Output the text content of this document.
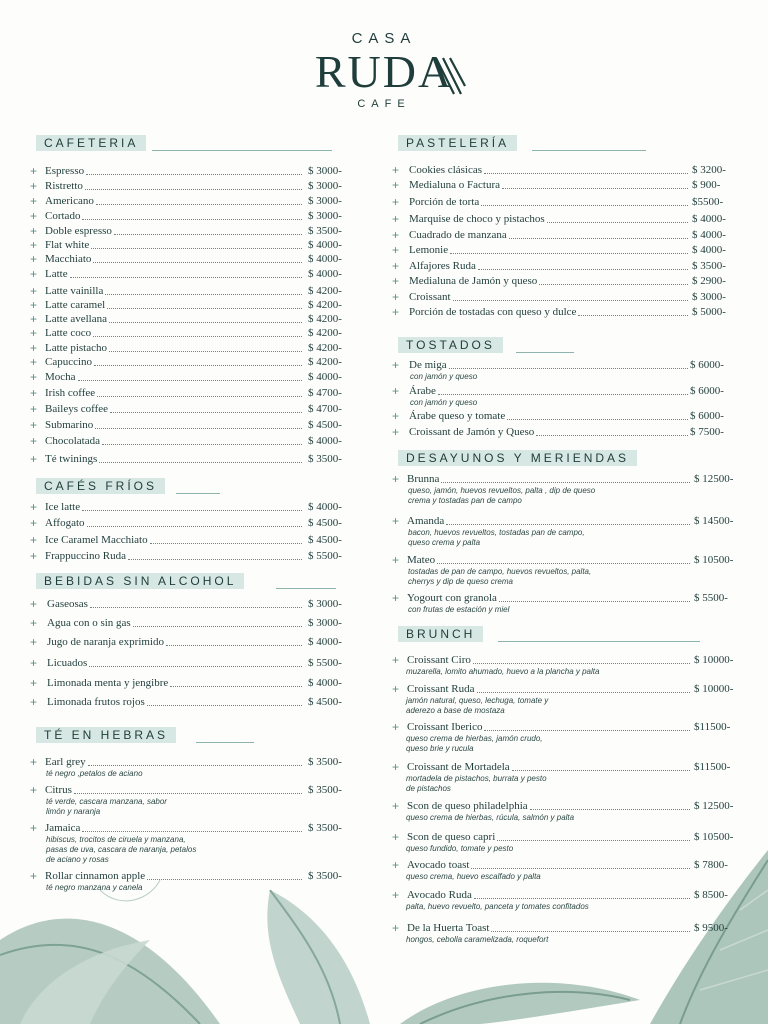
CASA
RUDA
CAFE
CAFETERIA
+ Espresso	$ 3000-
+ Ristretto	$ 3000-
+ Americano	$ 3000-
+ Cortado	$ 3000-
+ Doble espresso	$ 3500-
+ Flat white	$ 4000-
+ Macchiato	$ 4000-
+ Latte	$ 4000-
+ Latte vainilla	$ 4200-
+ Latte caramel	$ 4200-
+ Latte avellana	$ 4200-
+ Latte coco	$ 4200-
+ Latte pistacho	$ 4200-
+ Capuccino	$ 4200-
+ Mocha	$ 4000-
+ Irish coffee	$ 4700-
+ Baileys coffee	$ 4700-
+ Submarino	$ 4500-
+ Chocolatada	$ 4000-
+ Té twinings	$ 3500-
CAFÉS FRÍOS
+ Ice latte	$ 4000-
+ Affogato	$ 4500-
+ Ice Caramel Macchiato	$ 4500-
+ Frappuccino Ruda	$ 5500-
BEBIDAS SIN ALCOHOL
+ Gaseosas	$ 3000-
+ Agua con o sin gas	$ 3000-
+ Jugo de naranja exprimido	$ 4000-
+ Licuados	$ 5500-
+ Limonada menta y jengibre	$ 4000-
+ Limonada frutos rojos	$ 4500-
TÉ EN HEBRAS
+ Earl grey	$ 3500-
té negro ,petalos de aciano
+ Citrus	$ 3500-
té verde, cascara manzana, sabor
limón y naranja
+ Jamaica	$ 3500-
hibiscus, trocitos de ciruela y manzana,
pasas de uva, cascara de naranja, petalos
de aciano y rosas
+ Rollar cinnamon apple	$ 3500-
té negro manzana y canela
PASTELERÍA
+ Cookies clásicas	$ 3200-
+ Medialuna o Factura	$ 900-
+ Porción de torta	$5500-
+ Marquise de choco y pistachos	$ 4000-
+ Cuadrado de manzana	$ 4000-
+ Lemonie	$ 4000-
+ Alfajores Ruda	$ 3500-
+ Medialuna de Jamón y queso	$ 2900-
+ Croissant	$ 3000-
+ Porción de tostadas con queso y dulce	$ 5000-
TOSTADOS
+ De miga	$ 6000-
con jamón y queso
+ Árabe	$ 6000-
con jamón y queso
+ Árabe queso y tomate	$ 6000-
+ Croissant de Jamón y Queso	$ 7500-
DESAYUNOS Y MERIENDAS
+ Brunna	$ 12500-
queso, jamón, huevos revueltos, palta , dip de queso
crema y tostadas pan de campo
+ Amanda	$ 14500-
bacon, huevos revueltos, tostadas pan de campo,
queso crema y palta
+ Mateo	$ 10500-
tostadas de pan de campo, huevos revueltos, palta,
cherrys y dip de queso crema
+ Yogourt con granola	$ 5500-
con frutas de estación y miel
BRUNCH
+ Croissant Ciro	$ 10000-
muzarella, lomito ahumado, huevo a la plancha y palta
+ Croissant Ruda	$ 10000-
jamón natural, queso, lechuga, tomate y
aderezo a base de mostaza
+ Croissant Iberico	$11500-
queso crema de hierbas, jamón crudo,
queso brie y rucula
+ Croissant de Mortadela	$11500-
mortadela de pistachos, burrata y pesto
de pistachos
+ Scon de queso philadelphia	$ 12500-
queso crema de hierbas, rúcula, salmón y palta
+ Scon de queso capri	$ 10500-
queso fundido, tomate y pesto
+ Avocado toast	$ 7800-
queso crema, huevo escalfado y palta
+ Avocado Ruda	$ 8500-
palta, huevo revuelto, panceta y tomates confitados
+ De la Huerta Toast	$ 9500-
hongos, cebolla caramelizada, roquefort
